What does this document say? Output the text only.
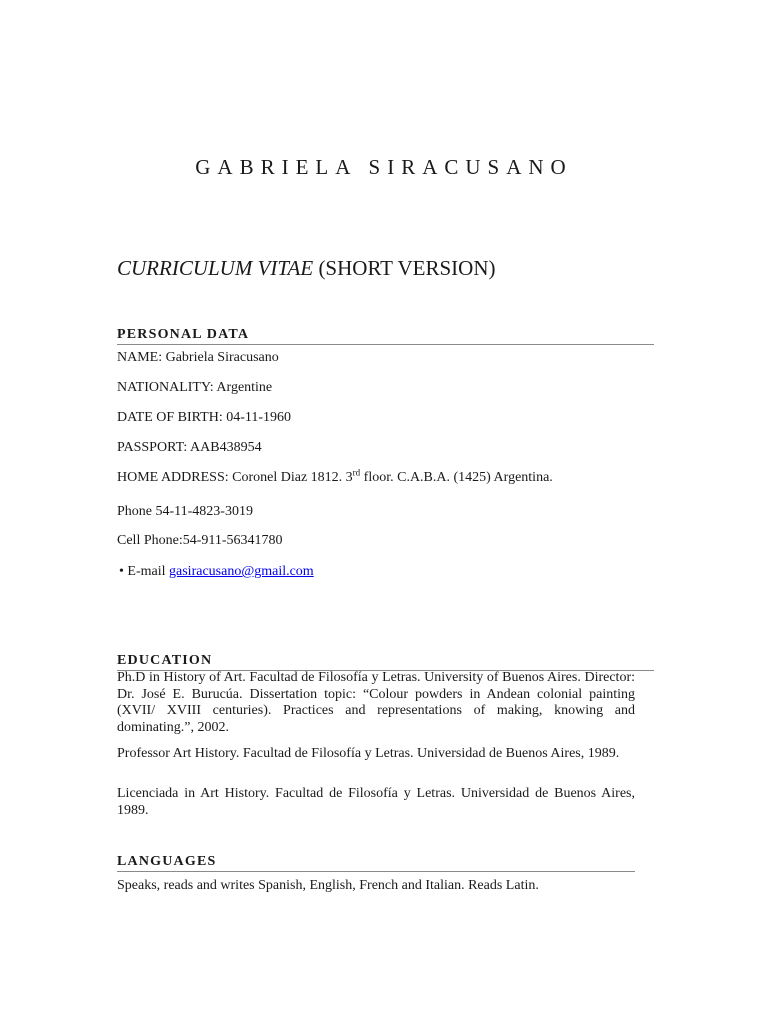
GABRIELA SIRACUSANO
CURRICULUM VITAE (SHORT VERSION)
PERSONAL DATA

NAME: Gabriela Siracusano

NATIONALITY: Argentine

DATE OF BIRTH: 04-11-1960

PASSPORT: AAB438954

HOME ADDRESS: Coronel Diaz 1812. 3rd floor. C.A.B.A. (1425) Argentina.

Phone 54-11-4823-3019

Cell Phone:54-911-56341780

• E-mail gasiracusano@gmail.com

EDUCATION

Ph.D in History of Art. Facultad de Filosofía y Letras. University of Buenos Aires. Director: Dr. José E. Burucúa. Dissertation topic: “Colour powders in Andean colonial painting (XVII/ XVIII centuries). Practices and representations of making, knowing and dominating.”, 2002.

Professor Art History. Facultad de Filosofía y Letras. Universidad de Buenos Aires, 1989.

Licenciada in Art History. Facultad de Filosofía y Letras. Universidad de Buenos Aires, 1989.

LANGUAGES

Speaks, reads and writes Spanish, English, French and Italian. Reads Latin.
